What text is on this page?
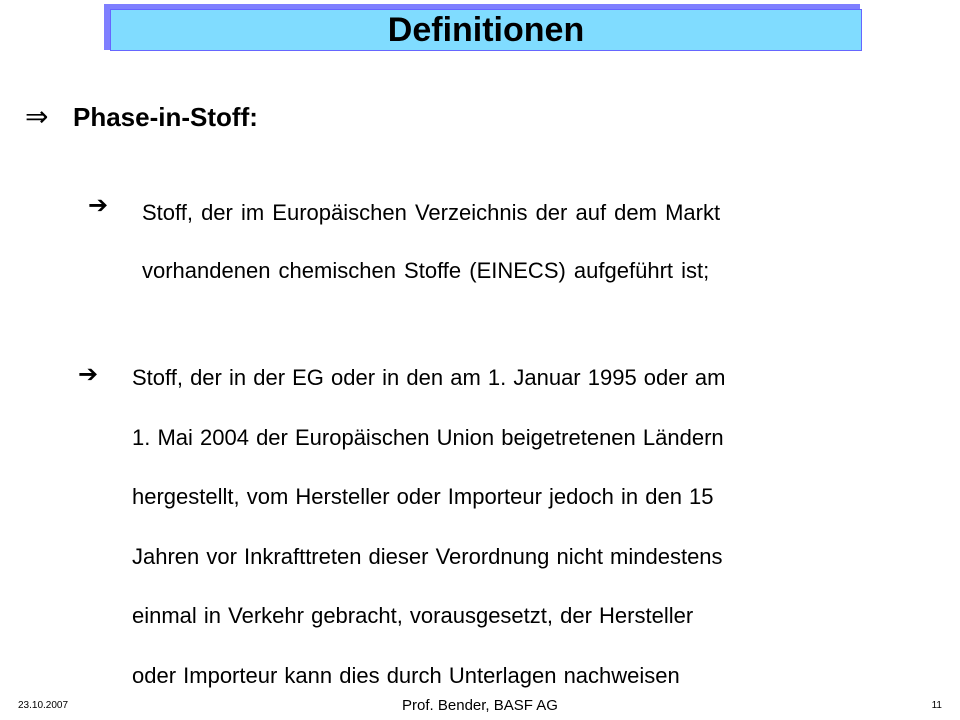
Definitionen
⇒ Phase-in-Stoff:
➔ Stoff, der im Europäischen Verzeichnis der auf dem Markt
vorhandenen chemischen Stoffe (EINECS) aufgeführt ist;
➔ Stoff, der in der EG oder in den am 1. Januar 1995 oder am
1. Mai 2004 der Europäischen Union beigetretenen Ländern
hergestellt, vom Hersteller oder Importeur jedoch in den 15
Jahren vor Inkrafttreten dieser Verordnung nicht mindestens
einmal in Verkehr gebracht, vorausgesetzt, der Hersteller
oder Importeur kann dies durch Unterlagen nachweisen
23.10.2007	Prof. Bender, BASF AG	11
